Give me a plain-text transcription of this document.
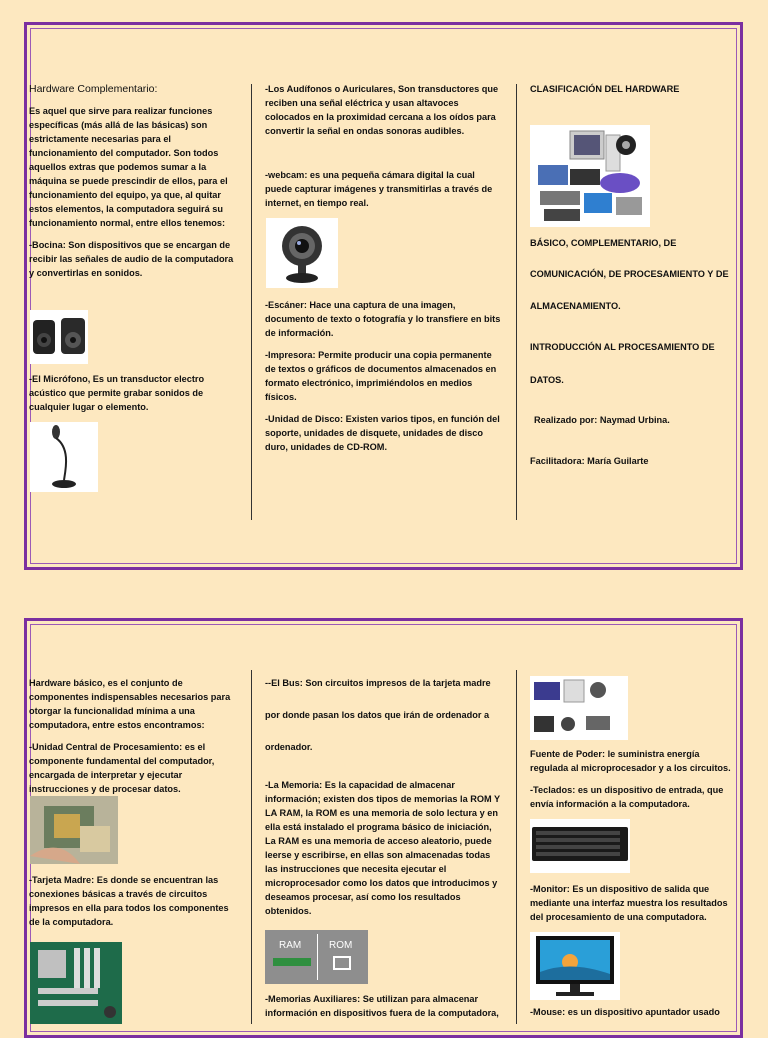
Hardware Complementario:

Es aquel que sirve para realizar funciones específicas (más allá de las básicas) son estrictamente necesarias para el funcionamiento del computador. Son todos aquellos extras que podemos sumar a la máquina se puede prescindir de ellos, para el funcionamiento del equipo, ya que, al quitar estos elementos, la computadora seguirá su funcionamiento normal, entre ellos tenemos:

-Bocina: Son dispositivos que se encargan de recibir las señales de audio de la computadora y convertirlas en sonidos.

-El Micrófono, Es un transductor electro acústico que permite grabar sonidos de cualquier lugar o elemento.

-Los Audífonos o Auriculares, Son transductores que reciben una señal eléctrica y usan altavoces colocados en la proximidad cercana a los oídos para convertir la señal en ondas sonoras audibles.

-webcam: es una pequeña cámara digital la cual puede capturar imágenes y transmitirlas a través de internet, en tiempo real.

-Escáner: Hace una captura de una imagen, documento de texto o fotografía y lo transfiere en bits de información.

-Impresora: Permite producir una copia permanente de textos o gráficos de documentos almacenados en formato electrónico, imprimiéndolos en medios físicos.

-Unidad de Disco: Existen varios tipos, en función del soporte, unidades de disquete, unidades de disco duro, unidades de CD-ROM.

CLASIFICACIÓN DEL HARDWARE

BÁSICO, COMPLEMENTARIO, DE
COMUNICACIÓN, DE PROCESAMIENTO Y DE
ALMACENAMIENTO.
INTRODUCCIÓN AL PROCESAMIENTO DE
DATOS.
Realizado por: Naymad Urbina.
Facilitadora: María Guilarte

Hardware básico, es el conjunto de componentes indispensables necesarios para otorgar la funcionalidad mínima a una computadora, entre estos encontramos:

-Unidad Central de Procesamiento: es el componente fundamental del computador, encargada de interpretar y ejecutar instrucciones y de procesar datos.

-Tarjeta Madre: Es donde se encuentran las conexiones básicas a través de circuitos impresos en ella para todos los componentes de la computadora.

--El Bus: Son circuitos impresos de la tarjeta madre
por donde pasan los datos que irán de ordenador a
ordenador.

-La Memoria: Es la capacidad de almacenar información; existen dos tipos de memorias la ROM Y LA RAM, la ROM es una memoria de solo lectura y en ella está instalado el programa básico de iniciación, La RAM es una memoria de acceso aleatorio, puede leerse y escribirse, en ellas son almacenadas todas las instrucciones que necesita ejecutar el microprocesador como los datos que introducimos y deseamos procesar, así como los resultados obtenidos.

RAM	ROM

-Memorias Auxiliares: Se utilizan para almacenar información en dispositivos fuera de la computadora,

Fuente de Poder: le suministra energía regulada al microprocesador y a los circuitos.

-Teclados: es un dispositivo de entrada, que envía información a la computadora.

-Monitor: Es un dispositivo de salida que mediante una interfaz muestra los resultados del procesamiento de una computadora.

-Mouse: es un dispositivo apuntador usado
